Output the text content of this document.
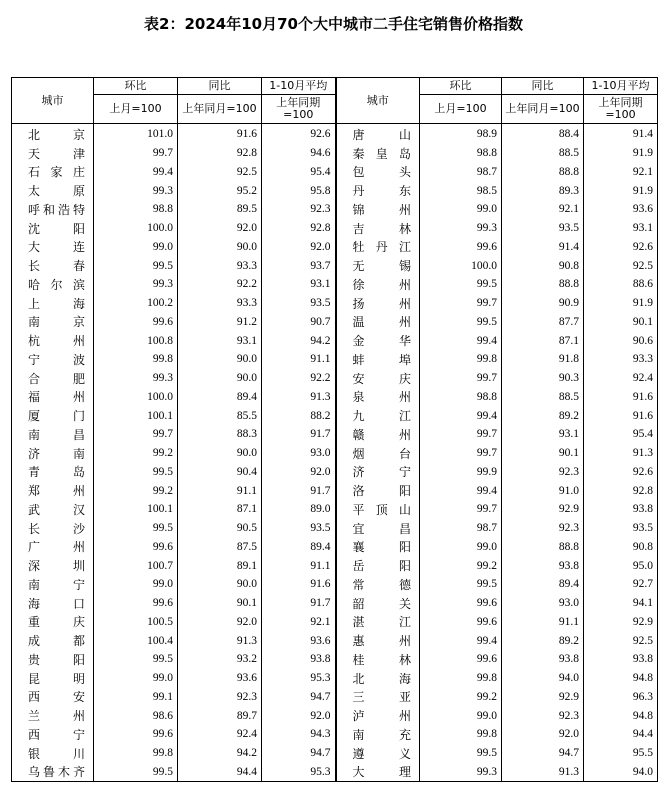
表2：2024年10月70个大中城市二手住宅销售价格指数
城市	环比	同比	1-10月平均	城市	环比	同比	1-10月平均
	上月=100	上年同月=100	上年同期=100		上月=100	上年同月=100	上年同期=100
北京	101.0	91.6	92.6	唐山	98.9	88.4	91.4
天津	99.7	92.8	94.6	秦皇岛	98.8	88.5	91.9
石家庄	99.4	92.5	95.4	包头	98.7	88.8	92.1
太原	99.3	95.2	95.8	丹东	98.5	89.3	91.9
呼和浩特	98.8	89.5	92.3	锦州	99.0	92.1	93.6
沈阳	100.0	92.0	92.8	吉林	99.3	93.5	93.1
大连	99.0	90.0	92.0	牡丹江	99.6	91.4	92.6
长春	99.5	93.3	93.7	无锡	100.0	90.8	92.5
哈尔滨	99.3	92.2	93.1	徐州	99.5	88.8	88.6
上海	100.2	93.3	93.5	扬州	99.7	90.9	91.9
南京	99.6	91.2	90.7	温州	99.5	87.7	90.1
杭州	100.8	93.1	94.2	金华	99.4	87.1	90.6
宁波	99.8	90.0	91.1	蚌埠	99.8	91.8	93.3
合肥	99.3	90.0	92.2	安庆	99.7	90.3	92.4
福州	100.0	89.4	91.3	泉州	98.8	88.5	91.6
厦门	100.1	85.5	88.2	九江	99.4	89.2	91.6
南昌	99.7	88.3	91.7	赣州	99.7	93.1	95.4
济南	99.2	90.0	93.0	烟台	99.7	90.1	91.3
青岛	99.5	90.4	92.0	济宁	99.9	92.3	92.6
郑州	99.2	91.1	91.7	洛阳	99.4	91.0	92.8
武汉	100.1	87.1	89.0	平顶山	99.7	92.9	93.8
长沙	99.5	90.5	93.5	宜昌	98.7	92.3	93.5
广州	99.6	87.5	89.4	襄阳	99.0	88.8	90.8
深圳	100.7	89.1	91.1	岳阳	99.2	93.8	95.0
南宁	99.0	90.0	91.6	常德	99.5	89.4	92.7
海口	99.6	90.1	91.7	韶关	99.6	93.0	94.1
重庆	100.5	92.0	92.1	湛江	99.6	91.1	92.9
成都	100.4	91.3	93.6	惠州	99.4	89.2	92.5
贵阳	99.5	93.2	93.8	桂林	99.6	93.8	93.8
昆明	99.0	93.6	95.3	北海	99.8	94.0	94.8
西安	99.1	92.3	94.7	三亚	99.2	92.9	96.3
兰州	98.6	89.7	92.0	泸州	99.0	92.3	94.8
西宁	99.6	92.4	94.3	南充	99.8	92.0	94.4
银川	99.8	94.2	94.7	遵义	99.5	94.7	95.5
乌鲁木齐	99.5	94.4	95.3	大理	99.3	91.3	94.0
